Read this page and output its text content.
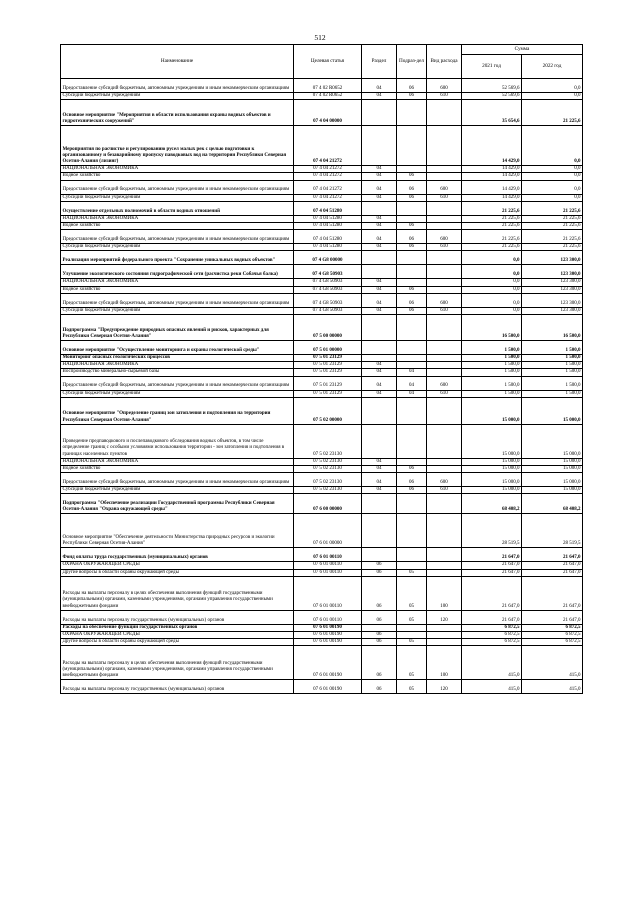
512
Наименование	Целевая статья	Раздел	Подраз-дел	Вид расхода	Сумма	
					2021 год	2022 год
Предоставление субсидий бюджетным, автономным учреждениям и иным некоммерческим организациям	07 4 02 R0652	04	06	600	52 569,6	0,0
Субсидии бюджетным учреждениям	07 4 02 R0652	04	06	610	52 569,6	0,0
Основное мероприятие "Мероприятия в области использования охраны водных объектов и гидротехнических сооружений"	07 4 04 00000				35 654,6	21 225,6
Мероприятия по расчистке и регулированию русел малых рек с целью подготовки к организованному и безаварийному пропуску паводковых вод на территории Республики Северная Осетия-Алания (лизинг)	07 4 04 21272				14 429,0	0,0
НАЦИОНАЛЬНАЯ ЭКОНОМИКА	07 4 04 21272	04			14 429,0	0,0
Водное хозяйство	07 4 04 21272	04	06		14 429,0	0,0
Предоставление субсидий бюджетным, автономным учреждениям и иным некоммерческим организациям	07 4 04 21272	04	06	600	14 429,0	0,0
Субсидии бюджетным учреждениям	07 4 04 21272	04	06	610	14 429,0	0,0
Осуществление отдельных полномочий в области водных отношений	07 4 04 51280				21 225,6	21 225,6
НАЦИОНАЛЬНАЯ ЭКОНОМИКА	07 4 04 51280	04			21 225,6	21 225,6
Водное хозяйство	07 4 04 51280	04	06		21 225,6	21 225,6
Предоставление субсидий бюджетным, автономным учреждениям и иным некоммерческим организациям	07 4 04 51280	04	06	600	21 225,6	21 225,6
Субсидии бюджетным учреждениям	07 4 04 51280	04	06	610	21 225,6	21 225,6
Реализация мероприятий федерального проекта "Сохранение уникальных водных объектов"	07 4 G8 00000				0,0	123 300,0
Улучшение экологического состояния гидрографической сети (расчистка реки Собачья балка)	07 4 G8 50903				0,0	123 300,0
НАЦИОНАЛЬНАЯ ЭКОНОМИКА	07 4 G8 50903	04			0,0	123 300,0
Водное хозяйство	07 4 G8 50903	04	06		0,0	123 300,0
Предоставление субсидий бюджетным, автономным учреждениям и иным некоммерческим организациям	07 4 G8 50903	04	06	600	0,0	123 300,0
Субсидии бюджетным учреждениям	07 4 G8 50903	04	06	610	0,0	123 300,0
Подпрограмма "Предупреждение природных опасных явлений и рисков, характерных для Республики Северная Осетия-Алания"	07 5 00 00000				16 500,0	16 500,0
Основное мероприятие "Осуществление мониторинга и охраны геологической среды"	07 5 01 00000				1 500,0	1 500,0
Мониторинг опасных геологических процессов	07 5 01 23129				1 500,0	1 500,0
НАЦИОНАЛЬНАЯ ЭКОНОМИКА	07 5 01 23129	04			1 500,0	1 500,0
Воспроизводство минерально-сырьевой базы	07 5 01 23129	04	04		1 500,0	1 500,0
Предоставление субсидий бюджетным, автономным учреждениям и иным некоммерческим организациям	07 5 01 23129	04	04	600	1 500,0	1 500,0
Субсидии бюджетным учреждениям	07 5 01 23129	04	04	610	1 500,0	1 500,0
Основное мероприятие "Определение границ зон затопления и подтопления на территории Республики Северная Осетия-Алания"	07 5 02 00000				15 000,0	15 000,0
Проведение предпаводкового и послепаводкового обследования водных объектов, в том числе определение границ с особыми условиями использования территории - зон затопления и подтопления в границах населенных пунктов	07 5 02 23130				15 000,0	15 000,0
НАЦИОНАЛЬНАЯ ЭКОНОМИКА	07 5 02 23130	04			15 000,0	15 000,0
Водное хозяйство	07 5 02 23130	04	06		15 000,0	15 000,0
Предоставление субсидий бюджетным, автономным учреждениям и иным некоммерческим организациям	07 5 02 23130	04	06	600	15 000,0	15 000,0
Субсидии бюджетным учреждениям	07 5 02 23130	04	06	610	15 000,0	15 000,0
Подпрограмма "Обеспечение реализации Государственной программы Республики Северная Осетия-Алания "Охрана окружающей среды"	07 6 00 00000				68 408,2	68 408,2
Основное мероприятие "Обеспечение деятельности Министерства природных ресурсов и экологии Республики Северная Осетия-Алания"	07 6 01 00000				28 519,5	28 519,5
Фонд оплаты труда государственных (муниципальных) органов	07 6 01 00110				21 647,0	21 647,0
ОХРАНА ОКРУЖАЮЩЕЙ СРЕДЫ	07 6 01 00110	06			21 647,0	21 647,0
Другие вопросы в области охраны окружающей среды	07 6 01 00110	06	05		21 647,0	21 647,0
Расходы на выплаты персоналу в целях обеспечения выполнения функций государственными (муниципальными) органами, казенными учреждениями, органами управления государственными внебюджетными фондами	07 6 01 00110	06	05	100	21 647,0	21 647,0
Расходы на выплаты персоналу государственных (муниципальных) органов	07 6 01 00110	06	05	120	21 647,0	21 647,0
Расходы на обеспечение функций государственных органов	07 6 01 00190				6 872,5	6 872,5
ОХРАНА ОКРУЖАЮЩЕЙ СРЕДЫ	07 6 01 00190	06			6 872,5	6 872,5
Другие вопросы в области охраны окружающей среды	07 6 01 00190	06	05		6 872,5	6 872,5
Расходы на выплаты персоналу в целях обеспечения выполнения функций государственными (муниципальными) органами, казенными учреждениями, органами управления государственными внебюджетными фондами	07 6 01 00190	06	05	100	415,0	415,0
Расходы на выплаты персоналу государственных (муниципальных) органов	07 6 01 00190	06	05	120	415,0	415,0
